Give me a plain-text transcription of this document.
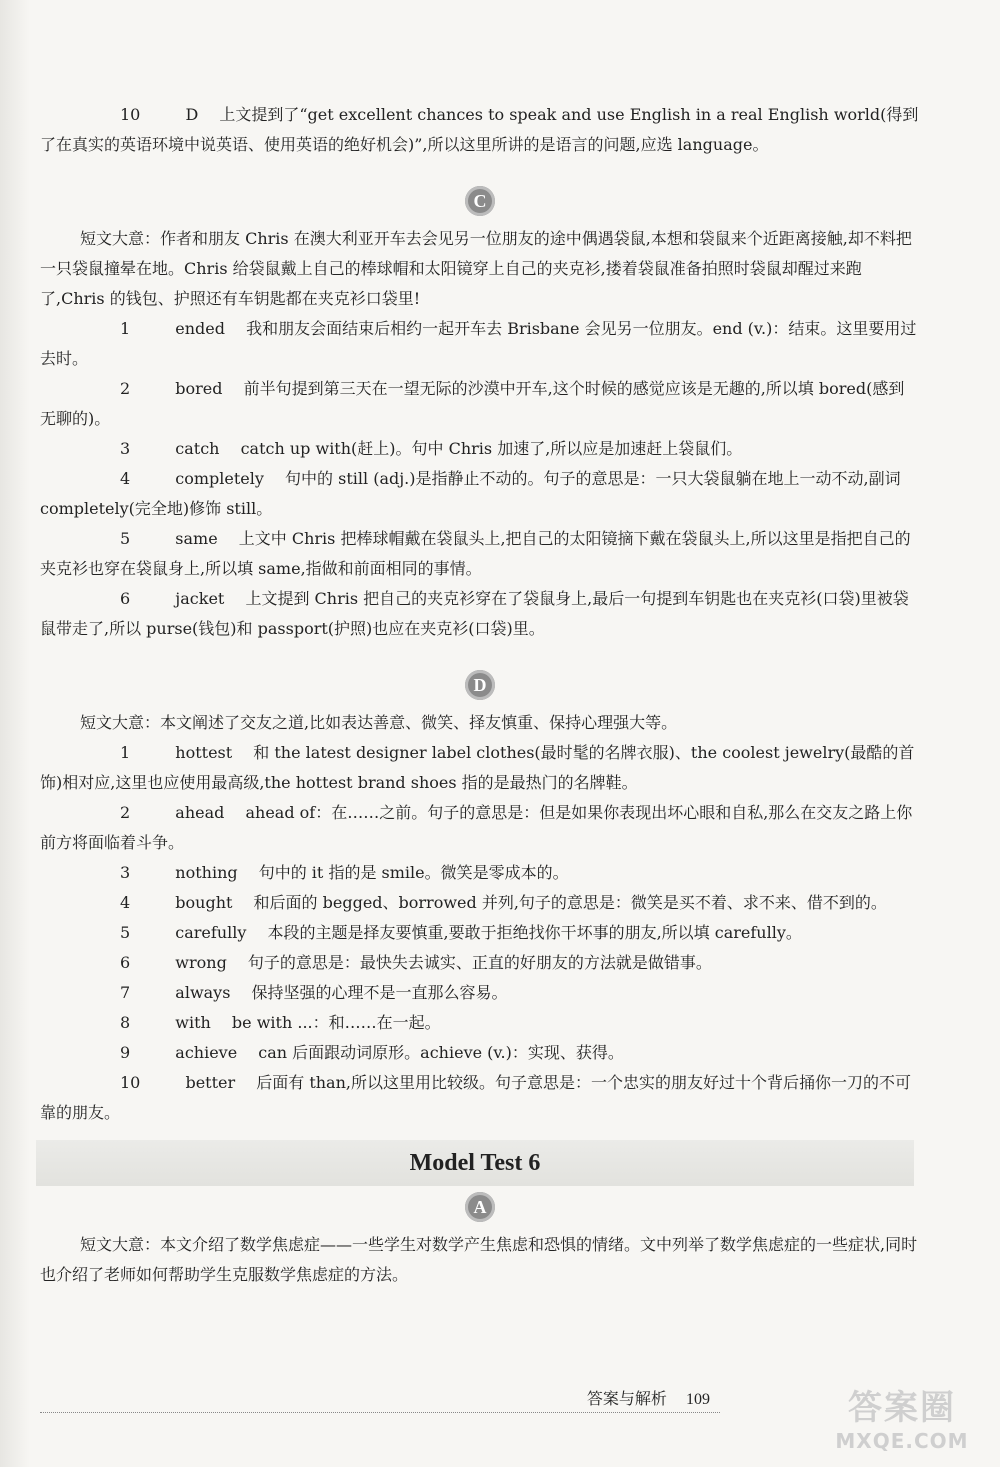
10	D 上文提到了“get excellent chances to speak and use English in a real English world(得到了在真实的英语环境中说英语、使用英语的绝好机会)”,所以这里所讲的是语言的问题,应选 language。

C

短文大意：作者和朋友 Chris 在澳大利亚开车去会见另一位朋友的途中偶遇袋鼠,本想和袋鼠来个近距离接触,却不料把一只袋鼠撞晕在地。Chris 给袋鼠戴上自己的棒球帽和太阳镜穿上自己的夹克衫,搂着袋鼠准备拍照时袋鼠却醒过来跑了,Chris 的钱包、护照还有车钥匙都在夹克衫口袋里!

1	ended 我和朋友会面结束后相约一起开车去 Brisbane 会见另一位朋友。end (v.)：结束。这里要用过去时。

2	bored 前半句提到第三天在一望无际的沙漠中开车,这个时候的感觉应该是无趣的,所以填 bored(感到无聊的)。

3	catch catch up with(赶上)。句中 Chris 加速了,所以应是加速赶上袋鼠们。

4	completely 句中的 still (adj.)是指静止不动的。句子的意思是：一只大袋鼠躺在地上一动不动,副词 completely(完全地)修饰 still。

5	same 上文中 Chris 把棒球帽戴在袋鼠头上,把自己的太阳镜摘下戴在袋鼠头上,所以这里是指把自己的夹克衫也穿在袋鼠身上,所以填 same,指做和前面相同的事情。

6	jacket 上文提到 Chris 把自己的夹克衫穿在了袋鼠身上,最后一句提到车钥匙也在夹克衫(口袋)里被袋鼠带走了,所以 purse(钱包)和 passport(护照)也应在夹克衫(口袋)里。

D

短文大意：本文阐述了交友之道,比如表达善意、微笑、择友慎重、保持心理强大等。

1	hottest 和 the latest designer label clothes(最时髦的名牌衣服)、the coolest jewelry(最酷的首饰)相对应,这里也应使用最高级,the hottest brand shoes 指的是最热门的名牌鞋。

2	ahead ahead of：在……之前。句子的意思是：但是如果你表现出坏心眼和自私,那么在交友之路上你前方将面临着斗争。

3	nothing 句中的 it 指的是 smile。微笑是零成本的。

4	bought 和后面的 begged、borrowed 并列,句子的意思是：微笑是买不着、求不来、借不到的。

5	carefully 本段的主题是择友要慎重,要敢于拒绝找你干坏事的朋友,所以填 carefully。

6	wrong 句子的意思是：最快失去诚实、正直的好朋友的方法就是做错事。

7	always 保持坚强的心理不是一直那么容易。

8	with be with ...：和……在一起。

9	achieve can 后面跟动词原形。achieve (v.)：实现、获得。

10	better 后面有 than,所以这里用比较级。句子意思是：一个忠实的朋友好过十个背后捅你一刀的不可靠的朋友。

Model Test 6
A

短文大意：本文介绍了数学焦虑症——一些学生对数学产生焦虑和恐惧的情绪。文中列举了数学焦虑症的一些症状,同时也介绍了老师如何帮助学生克服数学焦虑症的方法。

答案与解析 109	答案圈
MXQE.COM
